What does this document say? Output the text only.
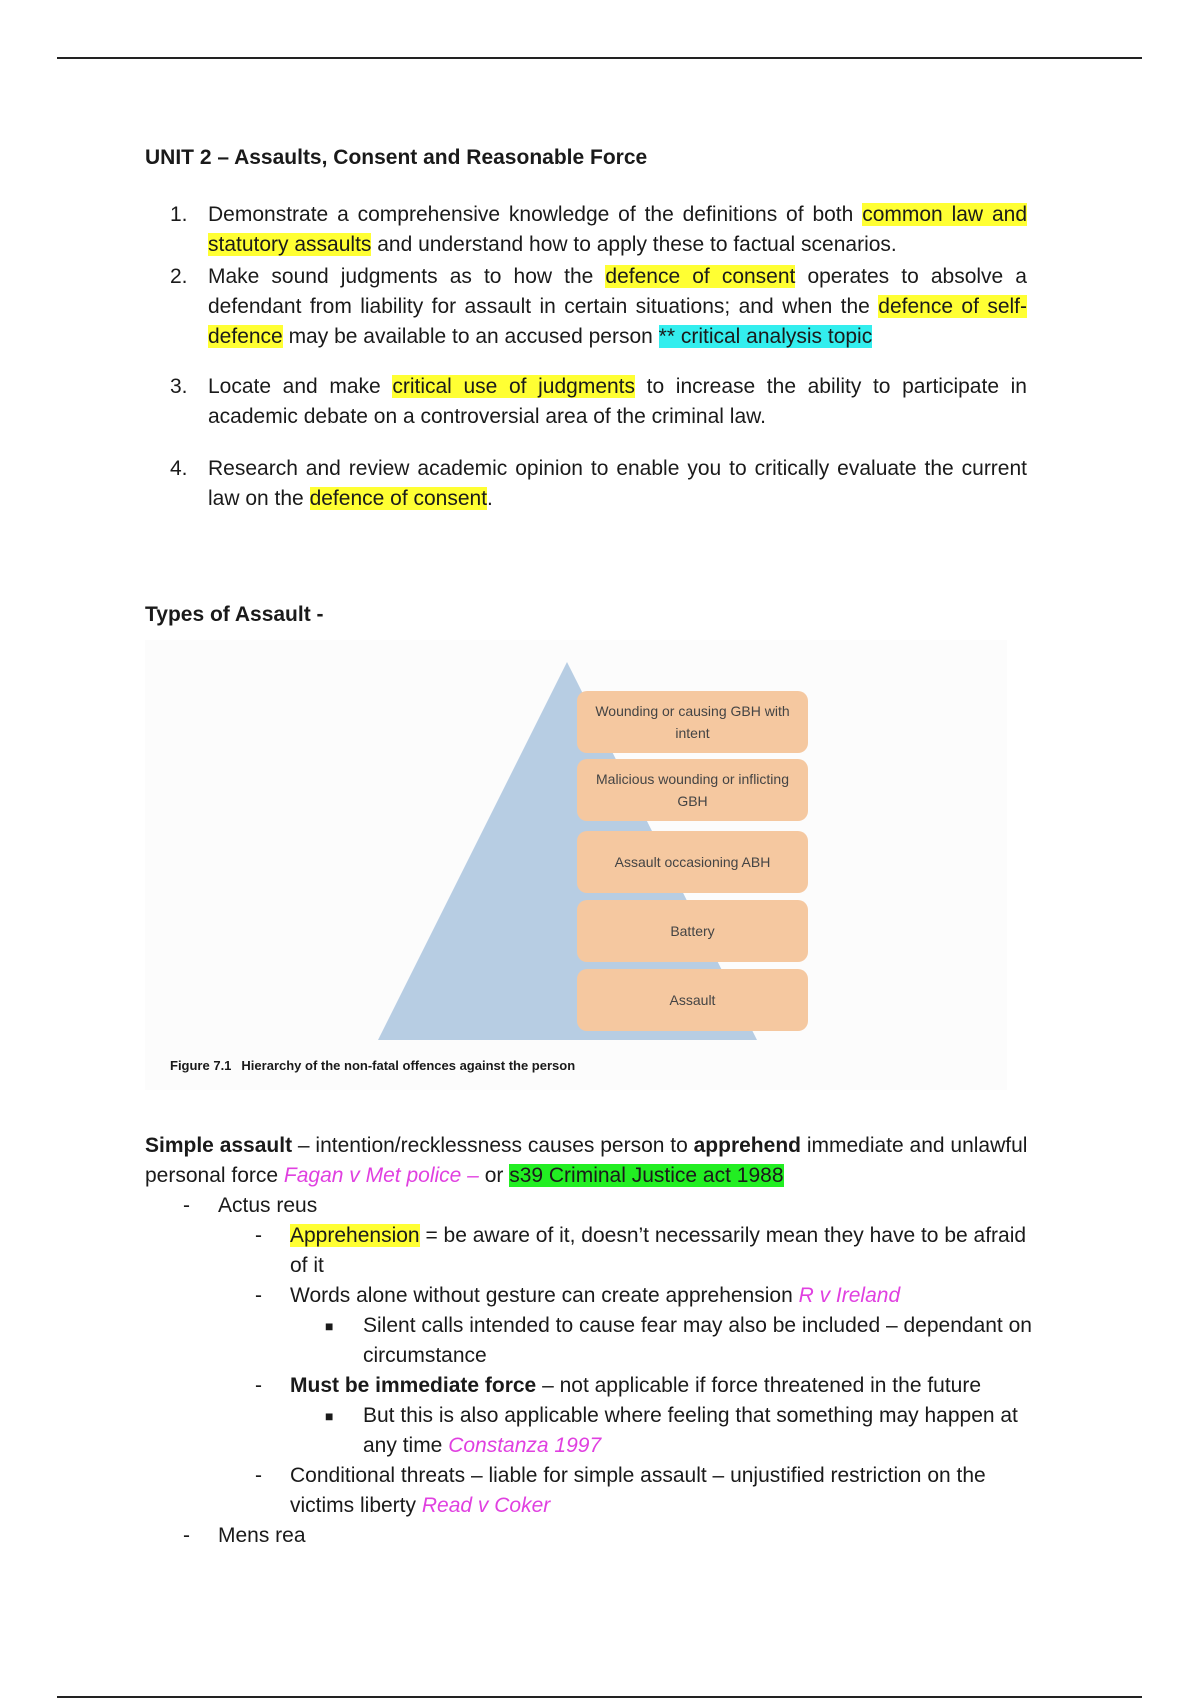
UNIT 2 – Assaults, Consent and Reasonable Force
1. Demonstrate a comprehensive knowledge of the definitions of both common law and statutory assaults and understand how to apply these to factual scenarios.
2. Make sound judgments as to how the defence of consent operates to absolve a defendant from liability for assault in certain situations; and when the defence of self-defence may be available to an accused person ** critical analysis topic
3. Locate and make critical use of judgments to increase the ability to participate in academic debate on a controversial area of the criminal law.
4. Research and review academic opinion to enable you to critically evaluate the current law on the defence of consent.
Types of Assault -
Wounding or causing GBH with intent
Malicious wounding or inflicting GBH
Assault occasioning ABH
Battery
Assault
Figure 7.1 Hierarchy of the non-fatal offences against the person

Simple assault – intention/recklessness causes person to apprehend immediate and unlawful personal force Fagan v Met police – or s39 Criminal Justice act 1988

- Actus reus

- Apprehension = be aware of it, doesn’t necessarily mean they have to be afraid of it

- Words alone without gesture can create apprehension R v Ireland

■ Silent calls intended to cause fear may also be included – dependant on circumstance

- Must be immediate force – not applicable if force threatened in the future

■ But this is also applicable where feeling that something may happen at any time Constanza 1997

- Conditional threats – liable for simple assault – unjustified restriction on the victims liberty Read v Coker

- Mens rea
